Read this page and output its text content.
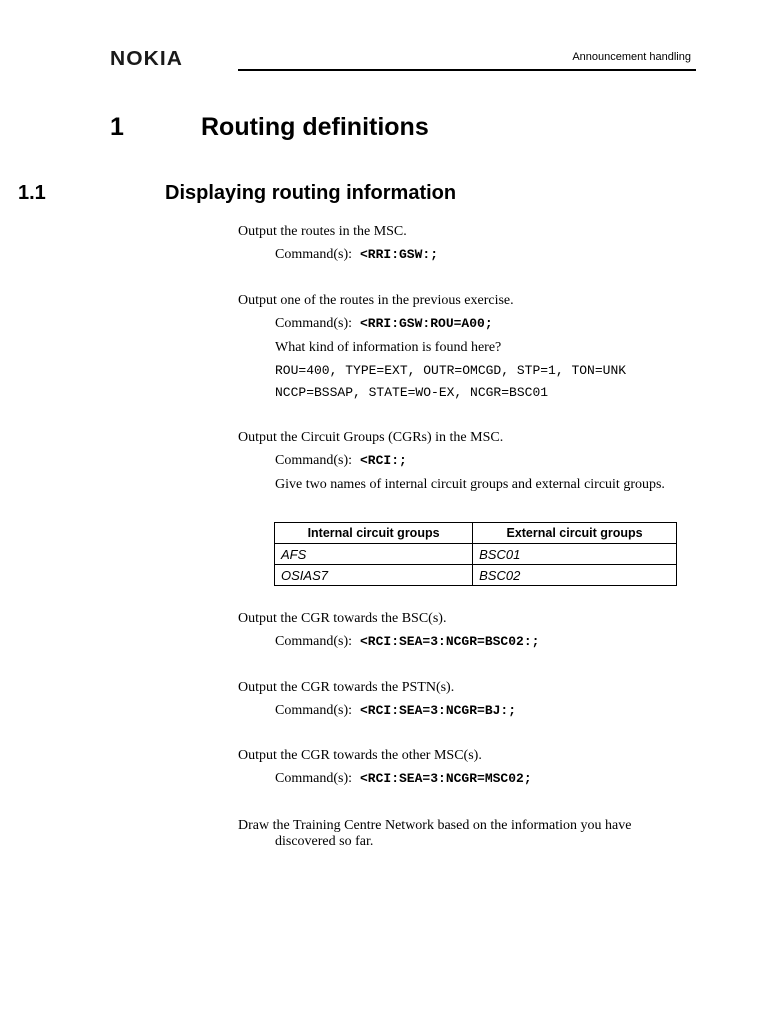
NOKIA	Announcement handling
1	Routing definitions
1.1	Displaying routing information
Output the routes in the MSC.
Command(s): <RRI:GSW:;
Output one of the routes in the previous exercise.
Command(s): <RRI:GSW:ROU=A00;
What kind of information is found here?
ROU=400, TYPE=EXT, OUTR=OMCGD, STP=1, TON=UNK
NCCP=BSSAP, STATE=WO-EX, NCGR=BSC01
Output the Circuit Groups (CGRs) in the MSC.
Command(s): <RCI:;
Give two names of internal circuit groups and external circuit groups.
Internal circuit groups	External circuit groups
AFS	BSC01
OSIAS7	BSC02
Output the CGR towards the BSC(s).
Command(s): <RCI:SEA=3:NCGR=BSC02:;
Output the CGR towards the PSTN(s).
Command(s): <RCI:SEA=3:NCGR=BJ:;
Output the CGR towards the other MSC(s).
Command(s): <RCI:SEA=3:NCGR=MSC02;
Draw the Training Centre Network based on the information you have discovered so far.
